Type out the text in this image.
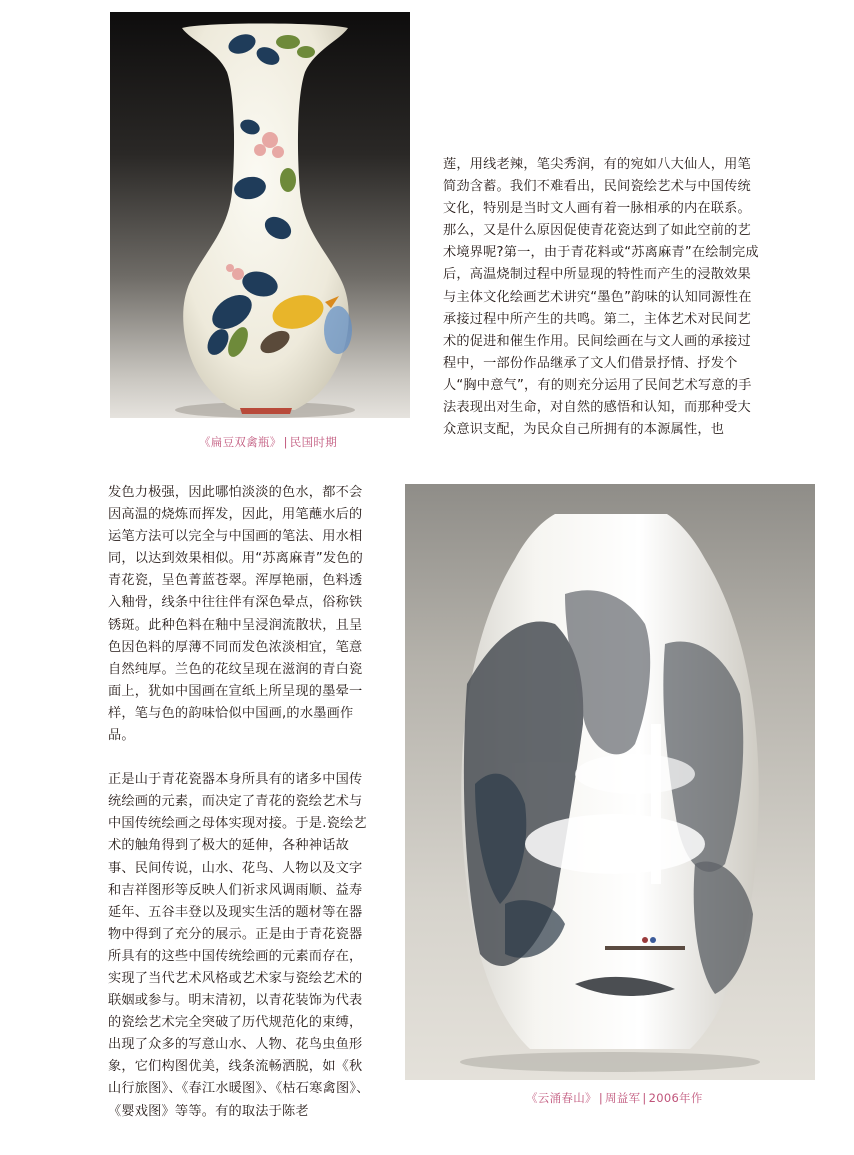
《扁豆双禽瓶》 | 民国时期

莲，用线老辣，笔尖秀润，有的宛如八大仙人，用笔简劲含蓄。我们不难看出，民间瓷绘艺术与中国传统文化，特别是当时文人画有着一脉相承的内在联系。那么，又是什么原因促使青花瓷达到了如此空前的艺术境界呢?第一，由于青花料或“苏离麻青”在绘制完成后，高温烧制过程中所显现的特性而产生的浸散效果与主体文化绘画艺术讲究“墨色”韵味的认知同源性在承接过程中所产生的共鸣。第二，主体艺术对民间艺术的促进和催生作用。民间绘画在与文人画的承接过程中，一部份作品继承了文人们借景抒情、抒发个人“胸中意气”，有的则充分运用了民间艺术写意的手法表现出对生命，对自然的感悟和认知，而那种受大众意识支配，为民众自己所拥有的本源属性，也

发色力极强，因此哪怕淡淡的色水，都不会因高温的烧炼而挥发，因此，用笔蘸水后的运笔方法可以完全与中国画的笔法、用水相同，以达到效果相似。用“苏离麻青”发色的青花瓷，呈色菁蓝苍翠。浑厚艳丽，色料透入釉骨，线条中往往伴有深色晕点，俗称铁锈斑。此种色料在釉中呈浸润流散状，且呈色因色料的厚薄不同而发色浓淡相宜，笔意自然纯厚。兰色的花纹呈现在滋润的青白瓷面上，犹如中国画在宣纸上所呈现的墨晕一样，笔与色的韵味恰似中国画,的水墨画作品。

正是山于青花瓷器本身所具有的诸多中国传统绘画的元素，而决定了青花的瓷绘艺术与中国传统绘画之母体实现对接。于是.瓷绘艺术的触角得到了极大的延伸，各种神话故事、民间传说，山水、花鸟、人物以及文字和吉祥图形等反映人们祈求风调雨顺、益寿延年、五谷丰登以及现实生活的题材等在器物中得到了充分的展示。正是由于青花瓷器所具有的这些中国传统绘画的元素而存在，实现了当代艺术风格或艺术家与瓷绘艺术的联姻或参与。明末清初，以青花装饰为代表的瓷绘艺术完全突破了历代规范化的束缚，出现了众多的写意山水、人物、花鸟虫鱼形象，它们构图优美，线条流畅洒脱，如《秋山行旅图》、《春江水暖图》、《枯石寒禽图》、《婴戏图》等等。有的取法于陈老

《云涌春山》 | 周益军 | 2006年作
